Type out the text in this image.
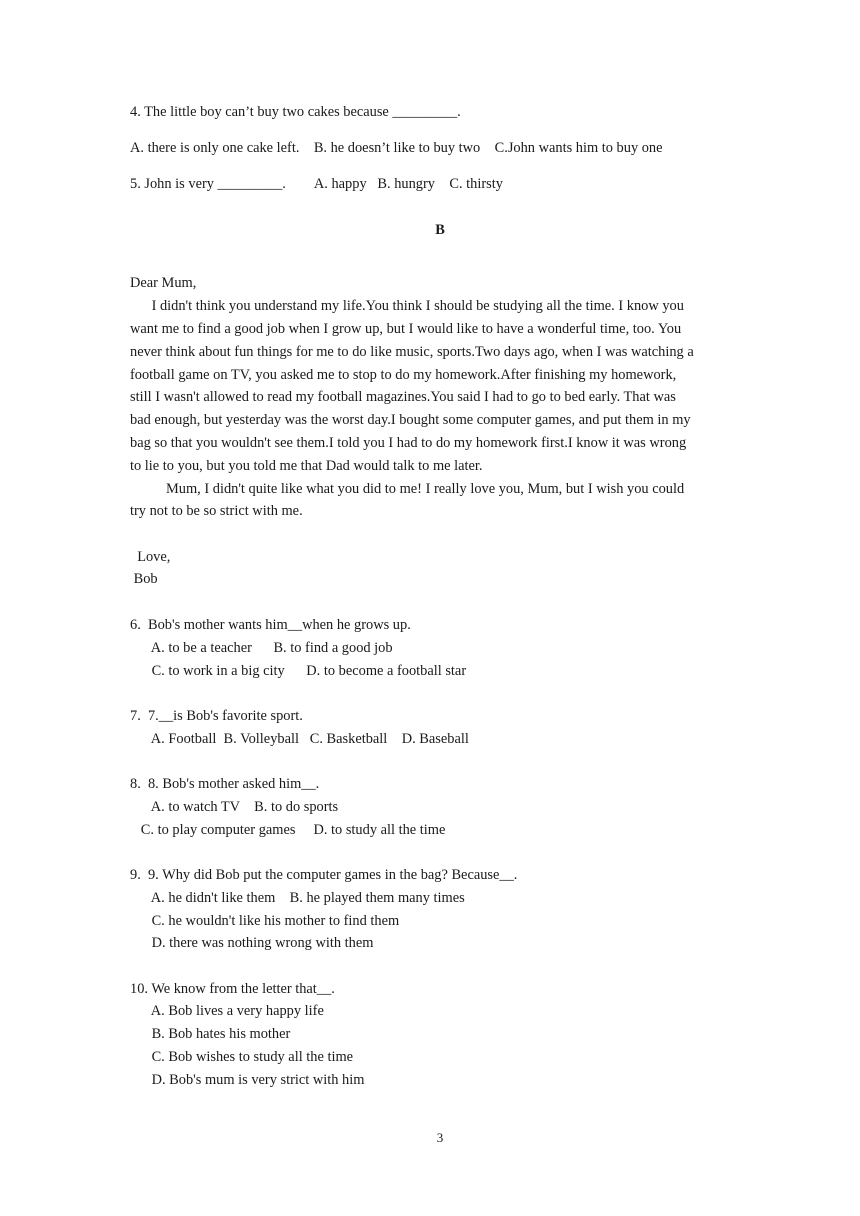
4. The little boy can’t buy two cakes because _________.
A. there is only one cake left.    B. he doesn’t like to buy two    C.John wants him to buy one
5. John is very _________.        A. happy   B. hungry    C. thirsty
B
Dear Mum,
I didn't think you understand my life.You think I should be studying all the time. I know you
want me to find a good job when I grow up, but I would like to have a wonderful time, too. You
never think about fun things for me to do like music, sports.Two days ago, when I was watching a
football game on TV, you asked me to stop to do my homework.After finishing my homework,
still I wasn't allowed to read my football magazines.You said I had to go to bed early. That was
bad enough, but yesterday was the worst day.I bought some computer games, and put them in my
bag so that you wouldn't see them.I told you I had to do my homework first.I know it was wrong
to lie to you, but you told me that Dad would talk to me later.
Mum, I didn't quite like what you did to me! I really love you, Mum, but I wish you could
try not to be so strict with me.
Love,
Bob
6.  Bob's mother wants him__when he grows up.
A. to be a teacher      B. to find a good job
C. to work in a big city      D. to become a football star
7.  7.__is Bob's favorite sport.
A. Football  B. Volleyball   C. Basketball    D. Baseball
8.  8. Bob's mother asked him__.
A. to watch TV    B. to do sports
C. to play computer games     D. to study all the time
9.  9. Why did Bob put the computer games in the bag? Because__.
A. he didn't like them    B. he played them many times
C. he wouldn't like his mother to find them
D. there was nothing wrong with them
10. We know from the letter that__.
A. Bob lives a very happy life
B. Bob hates his mother
C. Bob wishes to study all the time
D. Bob's mum is very strict with him
3
